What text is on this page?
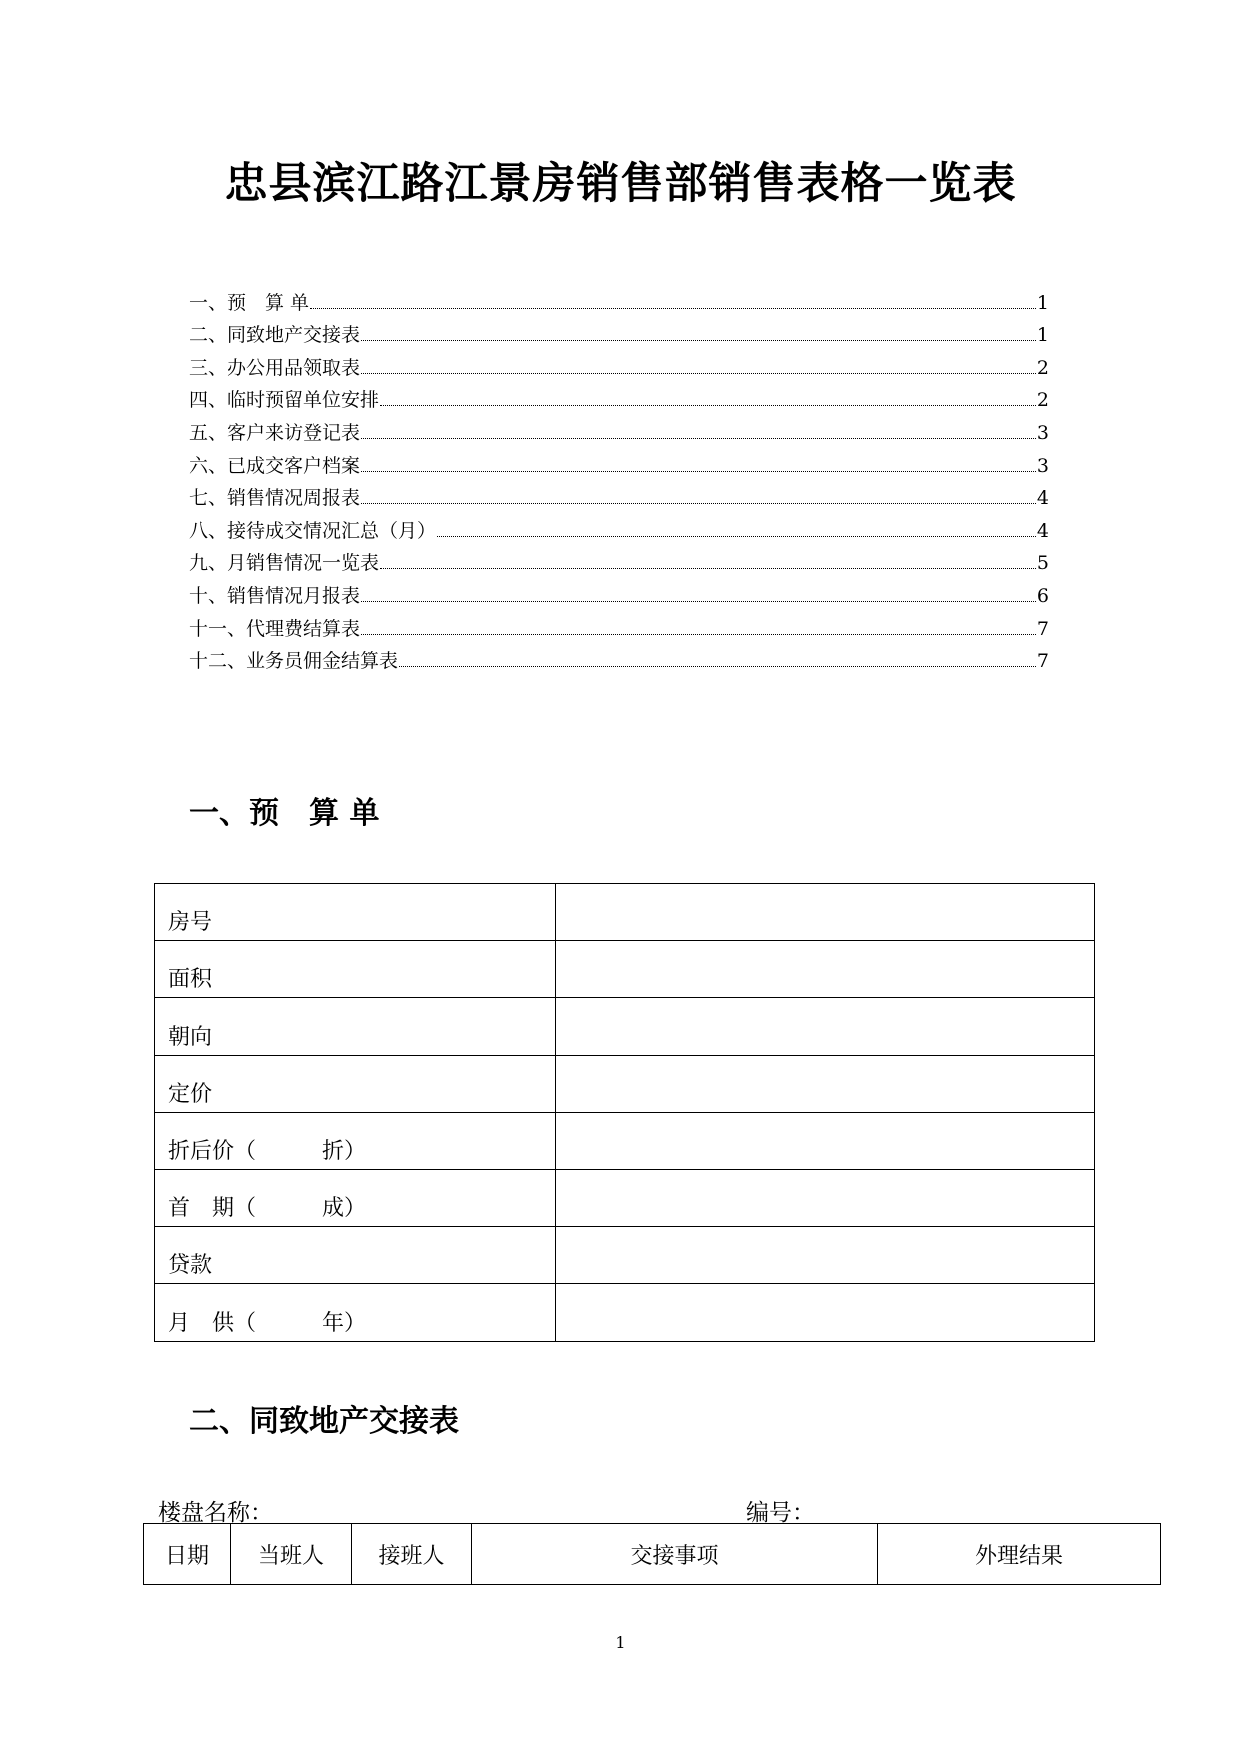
忠县滨江路江景房销售部销售表格一览表
一、预　算 单	1
二、同致地产交接表	1
三、办公用品领取表	2
四、临时预留单位安排	2
五、客户来访登记表	3
六、已成交客户档案	3
七、销售情况周报表	4
八、接待成交情况汇总（月）	4
九、月销售情况一览表	5
十、销售情况月报表	6
十一、代理费结算表	7
十二、业务员佣金结算表	7
一、预　算 单
房号	
面积	
朝向	
定价	
折后价（　　　折）	
首　期（　　　成）	
贷款	
月　供（　　　年）	
二、同致地产交接表
楼盘名称：	编号：
日期	当班人	接班人	交接事项	外理结果
1
